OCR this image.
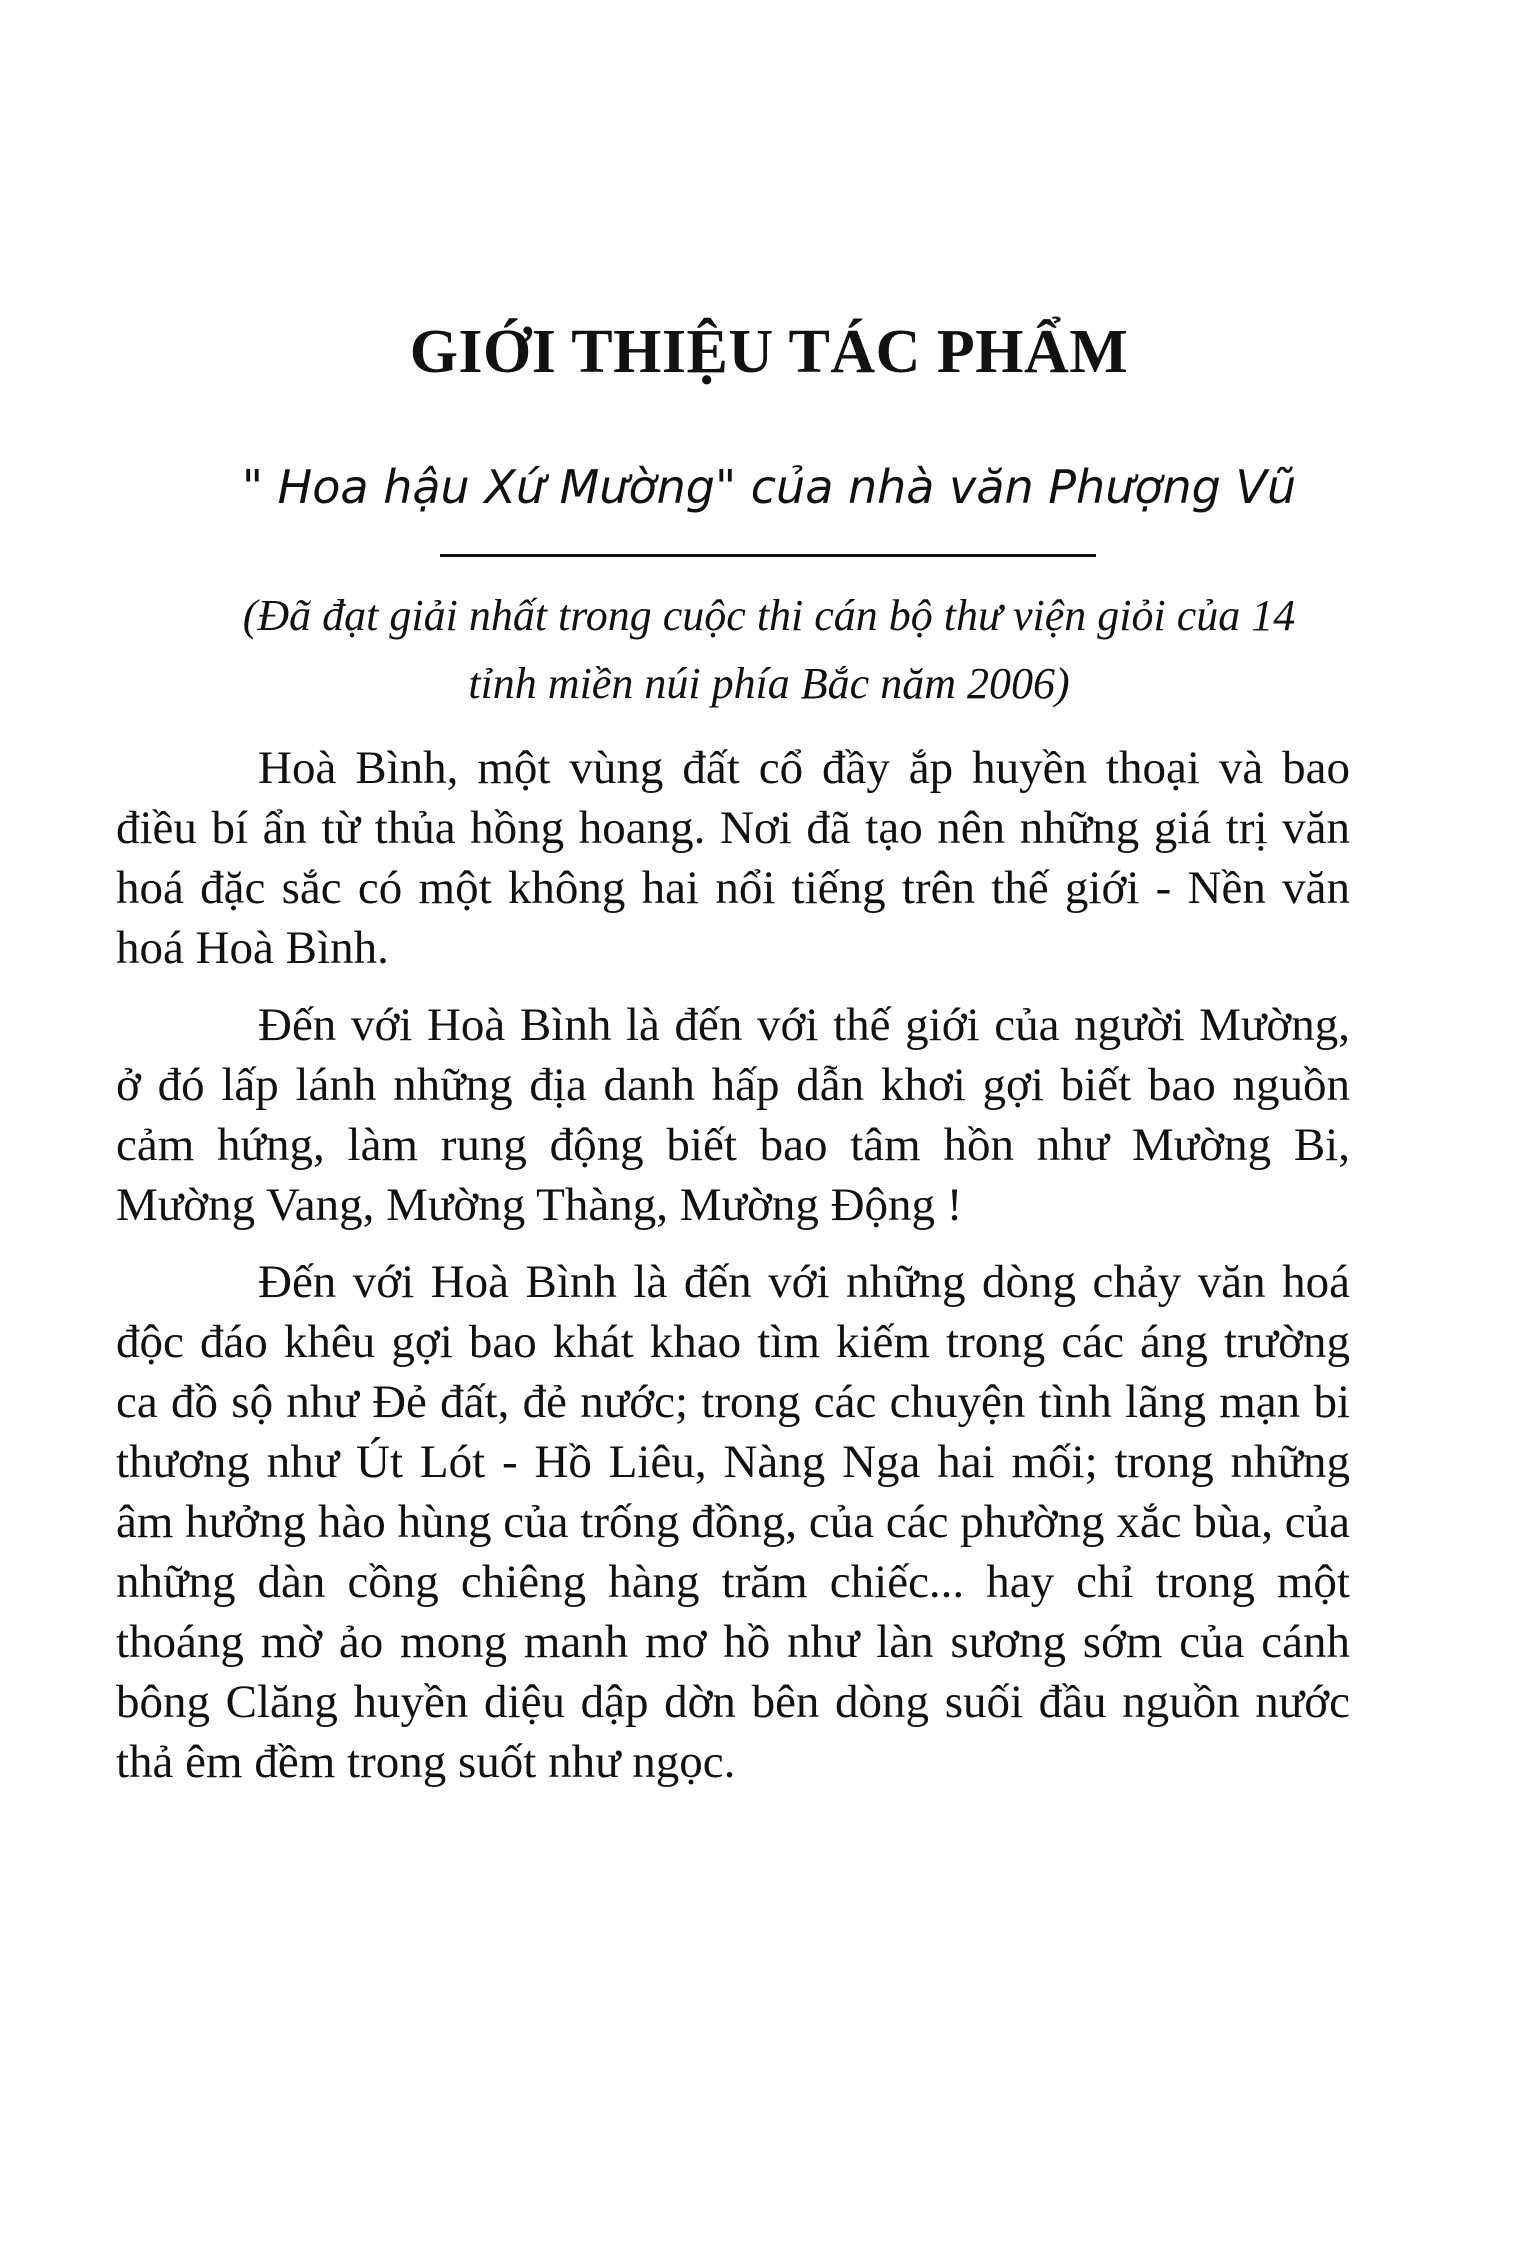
GIỚI THIỆU TÁC PHẨM

" Hoa hậu Xứ Mường" của nhà văn Phượng Vũ

(Đã đạt giải nhất trong cuộc thi cán bộ thư viện giỏi của 14
tỉnh miền núi phía Bắc năm 2006)

Hoà Bình, một vùng đất cổ đầy ắp huyền thoại và bao điều bí ẩn từ thủa hồng hoang. Nơi đã tạo nên những giá trị văn hoá đặc sắc có một không hai nổi tiếng trên thế giới - Nền văn hoá Hoà Bình.

Đến với Hoà Bình là đến với thế giới của người Mường, ở đó lấp lánh những địa danh hấp dẫn khơi gợi biết bao nguồn cảm hứng, làm rung động biết bao tâm hồn như Mường Bi, Mường Vang, Mường Thàng, Mường Động !

Đến với Hoà Bình là đến với những dòng chảy văn hoá độc đáo khêu gợi bao khát khao tìm kiếm trong các áng trường ca đồ sộ như Đẻ đất, đẻ nước; trong các chuyện tình lãng mạn bi thương như Út Lót - Hồ Liêu, Nàng Nga hai mối; trong những âm hưởng hào hùng của trống đồng, của các phường xắc bùa, của những dàn cồng chiêng hàng trăm chiếc... hay chỉ trong một thoáng mờ ảo mong manh mơ hồ như làn sương sớm của cánh bông Clăng huyền diệu dập dờn bên dòng suối đầu nguồn nước thả êm đềm trong suốt như ngọc.
